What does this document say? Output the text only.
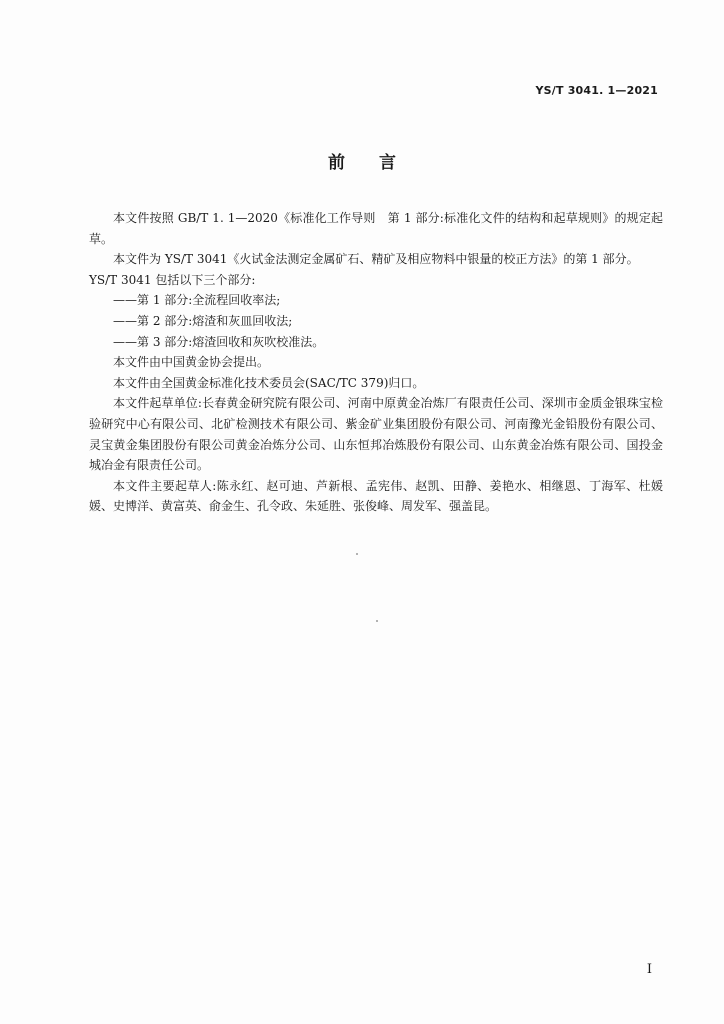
YS/T 3041. 1—2021
前言

本文件按照 GB/T 1. 1—2020《标准化工作导则　第 1 部分:标准化文件的结构和起草规则》的规定起草。

本文件为 YS/T 3041《火试金法测定金属矿石、精矿及相应物料中银量的校正方法》的第 1 部分。

YS/T 3041 包括以下三个部分:

——第 1 部分:全流程回收率法;

——第 2 部分:熔渣和灰皿回收法;

——第 3 部分:熔渣回收和灰吹校准法。

本文件由中国黄金协会提出。

本文件由全国黄金标准化技术委员会(SAC/TC 379)归口。

本文件起草单位:长春黄金研究院有限公司、河南中原黄金冶炼厂有限责任公司、深圳市金质金银珠宝检验研究中心有限公司、北矿检测技术有限公司、紫金矿业集团股份有限公司、河南豫光金铅股份有限公司、灵宝黄金集团股份有限公司黄金冶炼分公司、山东恒邦冶炼股份有限公司、山东黄金冶炼有限公司、国投金城冶金有限责任公司。

本文件主要起草人:陈永红、赵可迪、芦新根、孟宪伟、赵凯、田静、姜艳水、相继恩、丁海军、杜媛媛、史博洋、黄富英、俞金生、孔令政、朱延胜、张俊峰、周发军、强盖昆。

I
